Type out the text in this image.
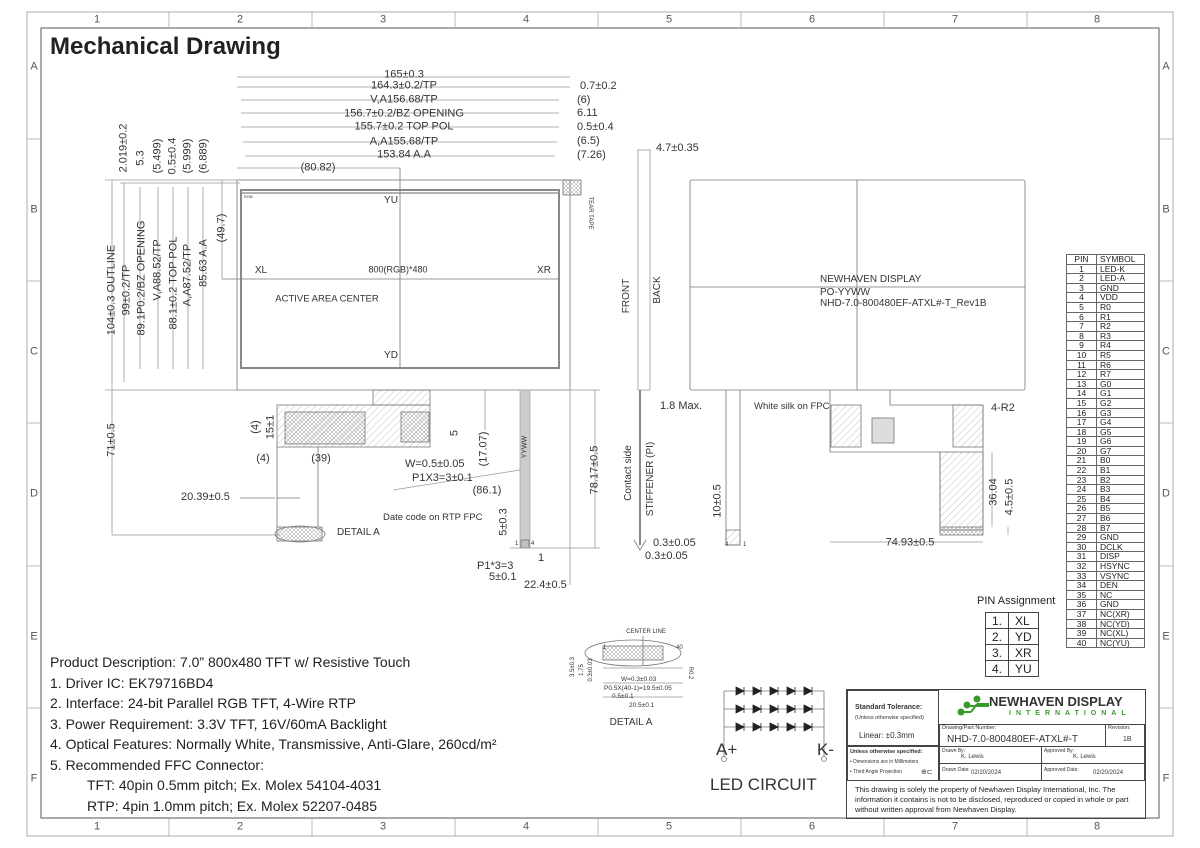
1
1
2
2
3
3
4
4
5
5
6
6
7
7
8
8
A	A
B	B
C	C
D	D
E	E
F	F
Mechanical Drawing
165±0.3
164.3±0.2/TP
V,A156.68/TP
156.7±0.2/BZ OPENING
155.7±0.2 TOP POL
A,A155.68/TP
153.84 A.A
0.7±0.2
(6)
6.11
0.5±0.4
(6.5)
(7.26)
(80.82)
104±0.3 OUTLINE 99±0.2/TP 89.1P0.2/BZ OPENING V,A88.52/TP 88.1±0.2 TOP POL A,A87.52/TP 85.63 A.A
(49.7)
2.019±0.2 5.3 (5.499) 0.5±0.4 (5.999) (6.889)
YU
YD
XL	XR
800(RGB)*480
ACTIVE AREA CENTER
TEAR TAPE
RGB
71±0.5	(4) 15±1
(4)	(39)
5 (17.07)
W=0.5±0.05
P1X3=3±0.1
(86.1)
20.39±0.5
78.17±0.5
5±0.3
1
4
P1*3=3
5±0.1
22.4±0.5
1
YYWW
Date code on RTP FPC
DETAIL A
4.7±0.35
1.8 Max.
0.3±0.05
0.3±0.05
FRONT BACK
Contact side STIFFENER (PI)
NEWHAVEN DISPLAY
PO-YYWW
NHD-7.0-800480EF-ATXL#-T_Rev1B
White silk on FPC	4-R2
10±0.5	36.04 4.5±0.5
74.93±0.5
4 1
CENTER LINE
40
1
R0.2
3.5±0.3 1.75 0.3±0.03	W=0.3±0.03
P0.5X(40-1)=19.5±0.05
0.5±0.1
20.5±0.1
DETAIL A
A+	K-
LED CIRCUIT
Product Description: 7.0” 800x480 TFT w/ Resistive Touch
1. Driver IC: EK79716BD4
2. Interface: 24-bit Parallel RGB TFT, 4-Wire RTP
3. Power Requirement: 3.3V TFT, 16V/60mA Backlight
4. Optical Features: Normally White, Transmissive, Anti-Glare, 260cd/m²
5. Recommended FFC Connector:
TFT: 40pin 0.5mm pitch; Ex. Molex 54104-4031
RTP: 4pin 1.0mm pitch; Ex. Molex 52207-0485
PIN	SYMBOL
1	LED-K
2	LED-A
3	GND
4	VDD
5	R0
6	R1
7	R2
8	R3
9	R4
10	R5
11	R6
12	R7
13	G0
14	G1
15	G2
16	G3
17	G4
18	G5
19	G6
20	G7
21	B0
22	B1
23	B2
24	B3
25	B4
26	B5
27	B6
28	B7
29	GND
30	DCLK
31	DISP
32	HSYNC
33	VSYNC
34	DEN
35	NC
36	GND
37	NC(XR)
38	NC(YD)
39	NC(XL)
40	NC(YU)
PIN Assignment
1.	XL
2.	YD
3.	XR
4.	YU
Standard Tolerance:
(Unless otherwise specified)
Linear: ±0.3mm
NEWHAVEN DISPLAY
INTERNATIONAL
Drawing/Part Number:
NHD-7.0-800480EF-ATXL#-T
Revision:
1B
Unless otherwise specified:
• Dimensions are in Millimeters
• Third Angle Projection	⊕⊏
Drawn By:
K. Lewis
Approved By:
K. Lewis
Drawn Date: 02/20/2024	Approved Date: 02/20/2024
This drawing is solely the property of Newhaven Display International, Inc. The information it contains is not to be disclosed, reproduced or copied in whole or part without written approval from Newhaven Display.
